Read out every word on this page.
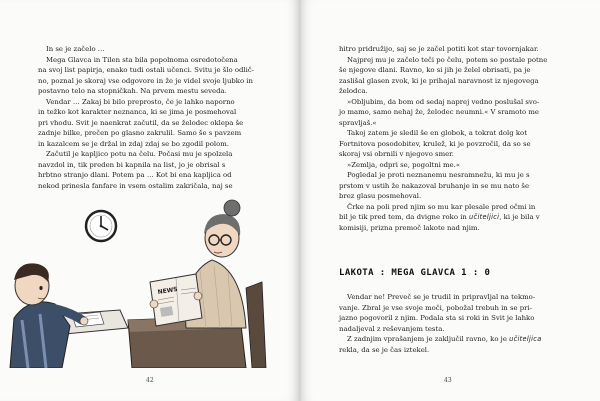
In se je začelo …

Mega Glavca in Tilen sta bila popolnoma osredotočena

na svoj list papirja, enako tudi ostali učenci. Svitu je šlo odlič-

no, poznal je skoraj vse odgovore in že je videl svoje ljubko in

postavno telo na stopničkah. Na prvem mestu seveda.

Vendar … Zakaj bi bilo preprosto, če je lahko naporno

in težko kot karakter neznanca, ki se jima je posmehoval

pri vhodu. Svit je naenkrat začutil, da se želodec oklepa še

zadnje bilke, prečen po glasno zakrulil. Samo še s pavzem

in kazalcem se je držal in zdaj zdaj se bo zgodil polom.

Začutil je kapljico potu na čelu. Počasi mu je spolzela

navzdol in, tik preden bi kapnila na list, jo je obrisal s

hrbtno stranjo dlani. Potem pa … Kot bi ena kapljica od

nekod prinesla fanfare in vsem ostalim zakričala, naj se

NEWS
42

hitro pridružijo, saj se je začel potiti kot star tovornjakar.

Najprej mu je začelo teči po čelu, potem so postale potne

še njegove dlani. Ravno, ko si jih je želel obrisati, pa je

zaslišal glasen zvok, ki je prihajal naravnost iz njegovega

želodca.

»Obljubim, da bom od sedaj naprej vedno poslušal svo-

jo mamo, samo nehaj že, želodec neumni.« V sramoto me

spravljaš.«

Takoj zatem je sledil še en globok, a tokrat dolg kot

Fortnitova posodobitev, krulež, ki je povzročil, da so se

skoraj vsi obrnili v njegovo smer.

»Zemlja, odpri se, pogoltni me.«

Pogledal je proti neznanemu nesramnežu, ki mu je s

prstom v ustih že nakazoval bruhanje in se mu nato še

brez glasu posmehoval.

Črke na poli pred njim so mu kar plesale pred očmi in

bil je tik pred tem, da dvigne roko in učiteljici, ki je bila v

komisiji, prizna premoč lakote nad njim.

LAKOTA : MEGA GLAVCA 1 : 0

Vendar ne! Preveč se je trudil in pripravljal na tekmo-

vanje. Zbral je vse svoje moči, pobožal trebuh in se pri-

jazno pogovoril z njim. Podala sta si roki in Svit je lahko

nadaljeval z reševanjem testa.

Z zadnjim vprašanjem je zaključil ravno, ko je učiteljica

rekla, da se je čas iztekel.

43
